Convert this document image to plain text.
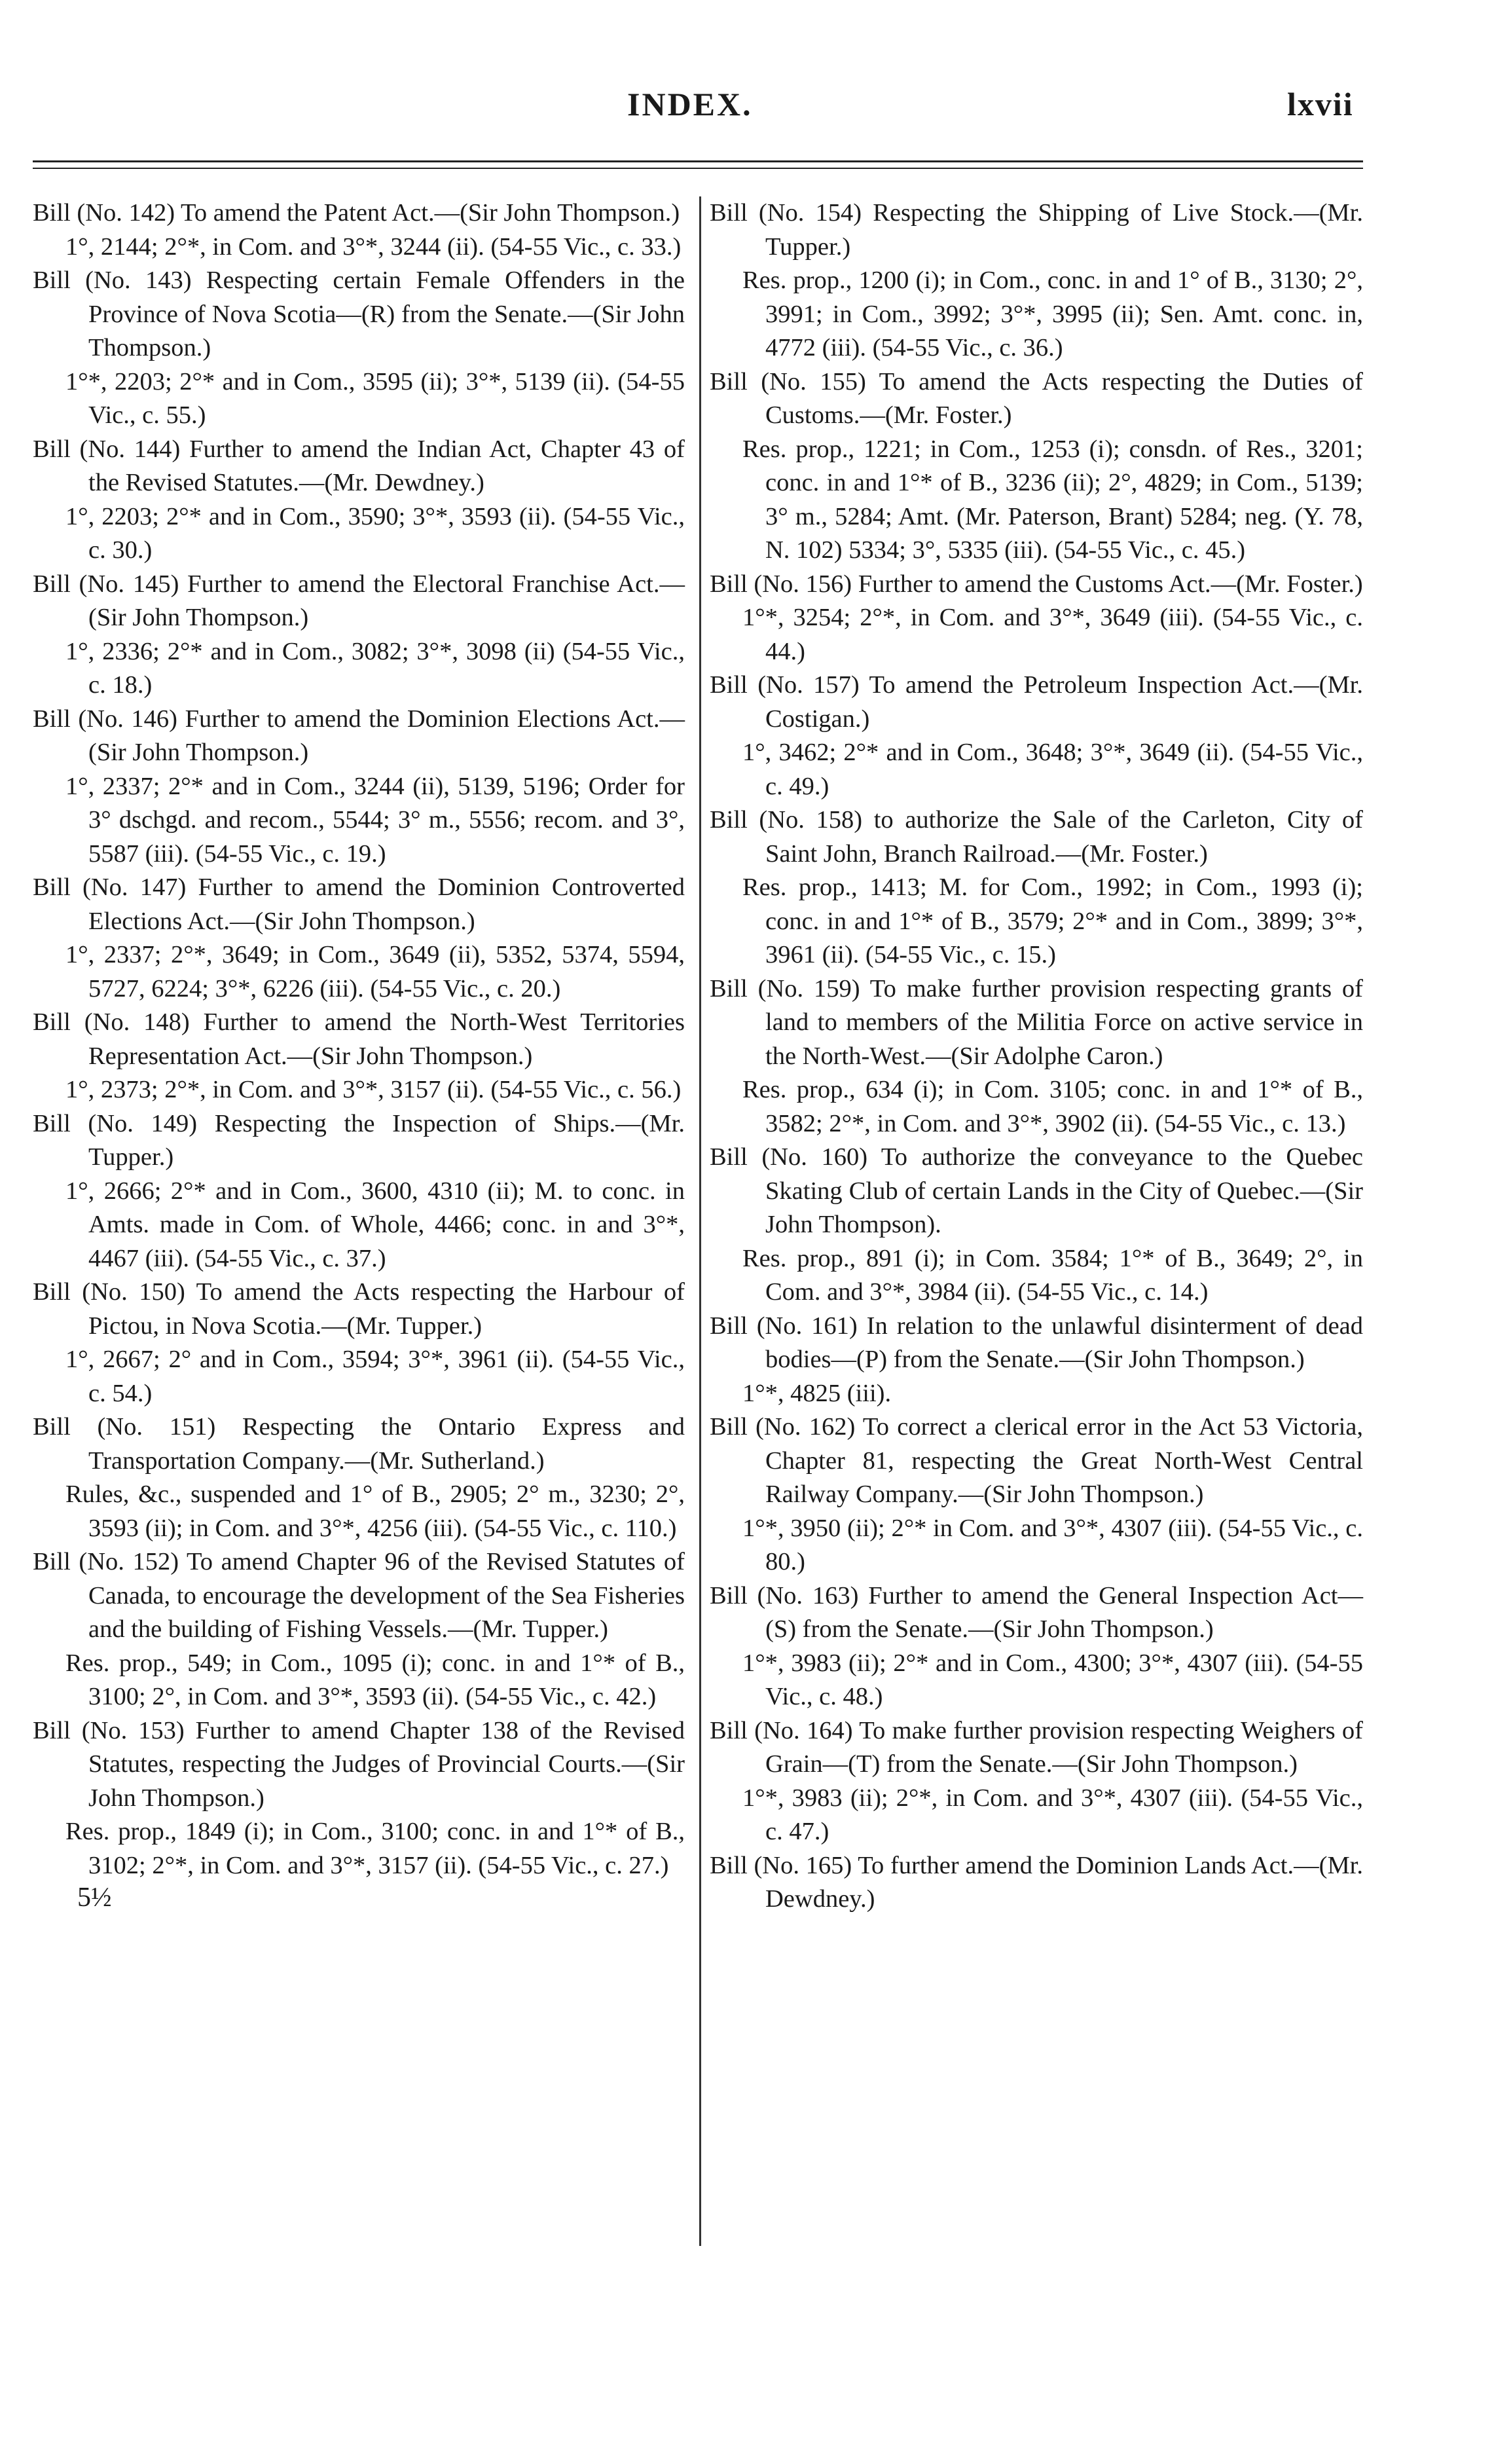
INDEX.	lxvii

Bill (No. 142) To amend the Patent Act.—(Sir John Thompson.)

1°, 2144; 2°*, in Com. and 3°*, 3244 (ii). (54-55 Vic., c. 33.)

Bill (No. 143) Respecting certain Female Offenders in the Province of Nova Scotia—(R) from the Senate.—(Sir John Thompson.)

1°*, 2203; 2°* and in Com., 3595 (ii); 3°*, 5139 (ii). (54-55 Vic., c. 55.)

Bill (No. 144) Further to amend the Indian Act, Chapter 43 of the Revised Statutes.—(Mr. Dewdney.)

1°, 2203; 2°* and in Com., 3590; 3°*, 3593 (ii). (54-55 Vic., c. 30.)

Bill (No. 145) Further to amend the Electoral Franchise Act.—(Sir John Thompson.)

1°, 2336; 2°* and in Com., 3082; 3°*, 3098 (ii) (54-55 Vic., c. 18.)

Bill (No. 146) Further to amend the Dominion Elections Act.—(Sir John Thompson.)

1°, 2337; 2°* and in Com., 3244 (ii), 5139, 5196; Order for 3° dschgd. and recom., 5544; 3° m., 5556; recom. and 3°, 5587 (iii). (54-55 Vic., c. 19.)

Bill (No. 147) Further to amend the Dominion Controverted Elections Act.—(Sir John Thompson.)

1°, 2337; 2°*, 3649; in Com., 3649 (ii), 5352, 5374, 5594, 5727, 6224; 3°*, 6226 (iii). (54-55 Vic., c. 20.)

Bill (No. 148) Further to amend the North-West Territories Representation Act.—(Sir John Thompson.)

1°, 2373; 2°*, in Com. and 3°*, 3157 (ii). (54-55 Vic., c. 56.)

Bill (No. 149) Respecting the Inspection of Ships.—(Mr. Tupper.)

1°, 2666; 2°* and in Com., 3600, 4310 (ii); M. to conc. in Amts. made in Com. of Whole, 4466; conc. in and 3°*, 4467 (iii). (54-55 Vic., c. 37.)

Bill (No. 150) To amend the Acts respecting the Harbour of Pictou, in Nova Scotia.—(Mr. Tupper.)

1°, 2667; 2° and in Com., 3594; 3°*, 3961 (ii). (54-55 Vic., c. 54.)

Bill (No. 151) Respecting the Ontario Express and Transportation Company.—(Mr. Sutherland.)

Rules, &c., suspended and 1° of B., 2905; 2° m., 3230; 2°, 3593 (ii); in Com. and 3°*, 4256 (iii). (54-55 Vic., c. 110.)

Bill (No. 152) To amend Chapter 96 of the Revised Statutes of Canada, to encourage the development of the Sea Fisheries and the building of Fishing Vessels.—(Mr. Tupper.)

Res. prop., 549; in Com., 1095 (i); conc. in and 1°* of B., 3100; 2°, in Com. and 3°*, 3593 (ii). (54-55 Vic., c. 42.)

Bill (No. 153) Further to amend Chapter 138 of the Revised Statutes, respecting the Judges of Provincial Courts.—(Sir John Thompson.)

Res. prop., 1849 (i); in Com., 3100; conc. in and 1°* of B., 3102; 2°*, in Com. and 3°*, 3157 (ii). (54-55 Vic., c. 27.)

5½

Bill (No. 154) Respecting the Shipping of Live Stock.—(Mr. Tupper.)

Res. prop., 1200 (i); in Com., conc. in and 1° of B., 3130; 2°, 3991; in Com., 3992; 3°*, 3995 (ii); Sen. Amt. conc. in, 4772 (iii). (54-55 Vic., c. 36.)

Bill (No. 155) To amend the Acts respecting the Duties of Customs.—(Mr. Foster.)

Res. prop., 1221; in Com., 1253 (i); consdn. of Res., 3201; conc. in and 1°* of B., 3236 (ii); 2°, 4829; in Com., 5139; 3° m., 5284; Amt. (Mr. Paterson, Brant) 5284; neg. (Y. 78, N. 102) 5334; 3°, 5335 (iii). (54-55 Vic., c. 45.)

Bill (No. 156) Further to amend the Customs Act.—(Mr. Foster.)

1°*, 3254; 2°*, in Com. and 3°*, 3649 (iii). (54-55 Vic., c. 44.)

Bill (No. 157) To amend the Petroleum Inspection Act.—(Mr. Costigan.)

1°, 3462; 2°* and in Com., 3648; 3°*, 3649 (ii). (54-55 Vic., c. 49.)

Bill (No. 158) to authorize the Sale of the Carleton, City of Saint John, Branch Railroad.—(Mr. Foster.)

Res. prop., 1413; M. for Com., 1992; in Com., 1993 (i); conc. in and 1°* of B., 3579; 2°* and in Com., 3899; 3°*, 3961 (ii). (54-55 Vic., c. 15.)

Bill (No. 159) To make further provision respecting grants of land to members of the Militia Force on active service in the North-West.—(Sir Adolphe Caron.)

Res. prop., 634 (i); in Com. 3105; conc. in and 1°* of B., 3582; 2°*, in Com. and 3°*, 3902 (ii). (54-55 Vic., c. 13.)

Bill (No. 160) To authorize the conveyance to the Quebec Skating Club of certain Lands in the City of Quebec.—(Sir John Thompson).

Res. prop., 891 (i); in Com. 3584; 1°* of B., 3649; 2°, in Com. and 3°*, 3984 (ii). (54-55 Vic., c. 14.)

Bill (No. 161) In relation to the unlawful disinterment of dead bodies—(P) from the Senate.—(Sir John Thompson.)

1°*, 4825 (iii).

Bill (No. 162) To correct a clerical error in the Act 53 Victoria, Chapter 81, respecting the Great North-West Central Railway Company.—(Sir John Thompson.)

1°*, 3950 (ii); 2°* in Com. and 3°*, 4307 (iii). (54-55 Vic., c. 80.)

Bill (No. 163) Further to amend the General Inspection Act—(S) from the Senate.—(Sir John Thompson.)

1°*, 3983 (ii); 2°* and in Com., 4300; 3°*, 4307 (iii). (54-55 Vic., c. 48.)

Bill (No. 164) To make further provision respecting Weighers of Grain—(T) from the Senate.—(Sir John Thompson.)

1°*, 3983 (ii); 2°*, in Com. and 3°*, 4307 (iii). (54-55 Vic., c. 47.)

Bill (No. 165) To further amend the Dominion Lands Act.—(Mr. Dewdney.)
